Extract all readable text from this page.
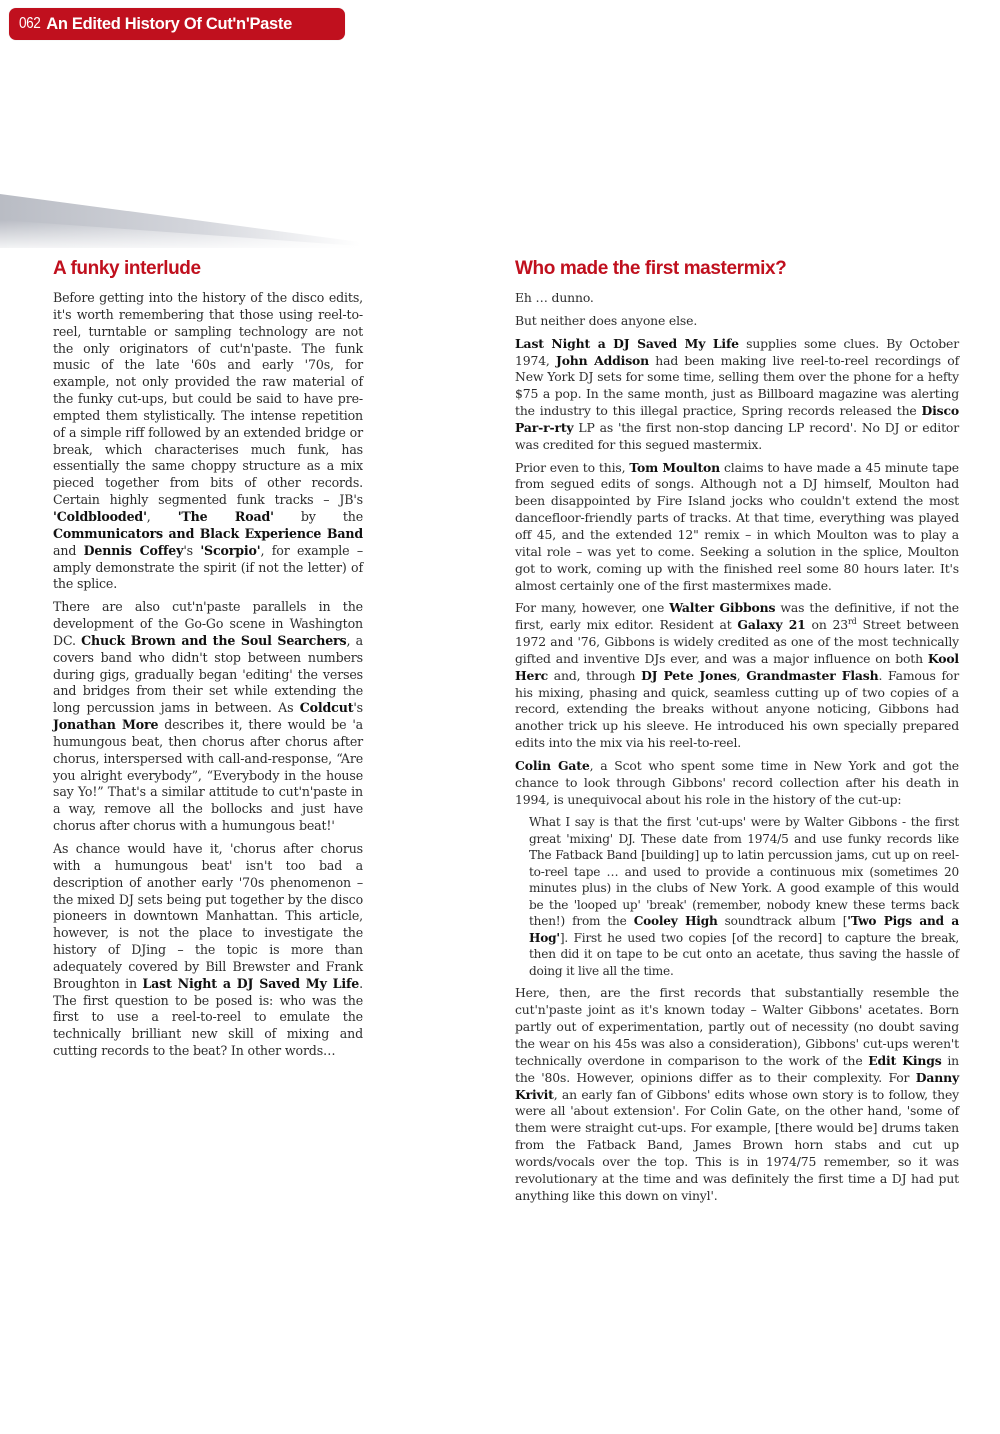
062 An Edited History Of Cut'n'Paste
A funky interlude

Before getting into the history of the disco edits, it's worth remembering that those using reel-to-reel, turntable or sampling technology are not the only originators of cut'n'paste. The funk music of the late '60s and early '70s, for example, not only provided the raw material of the funky cut-ups, but could be said to have pre-empted them stylistically. The intense repetition of a simple riff followed by an extended bridge or break, which characterises much funk, has essentially the same choppy structure as a mix pieced together from bits of other records. Certain highly segmented funk tracks – JB's 'Coldblooded', 'The Road' by the Communicators and Black Experience Band and Dennis Coffey's 'Scorpio', for example – amply demonstrate the spirit (if not the letter) of the splice.

There are also cut'n'paste parallels in the development of the Go-Go scene in Washington DC. Chuck Brown and the Soul Searchers, a covers band who didn't stop between numbers during gigs, gradually began 'editing' the verses and bridges from their set while extending the long percussion jams in between. As Coldcut's Jonathan More describes it, there would be 'a humungous beat, then chorus after chorus after chorus, interspersed with call-and-response, “Are you alright everybody”, “Everybody in the house say Yo!” That's a similar attitude to cut'n'paste in a way, remove all the bollocks and just have chorus after chorus with a humungous beat!'

As chance would have it, 'chorus after chorus with a humungous beat' isn't too bad a description of another early '70s phenomenon – the mixed DJ sets being put together by the disco pioneers in downtown Manhattan. This article, however, is not the place to investigate the history of DJing – the topic is more than adequately covered by Bill Brewster and Frank Broughton in Last Night a DJ Saved My Life. The first question to be posed is: who was the first to use a reel-to-reel to emulate the technically brilliant new skill of mixing and cutting records to the beat? In other words…

Who made the first mastermix?

Eh … dunno.

But neither does anyone else.

Last Night a DJ Saved My Life supplies some clues. By October 1974, John Addison had been making live reel-to-reel recordings of New York DJ sets for some time, selling them over the phone for a hefty $75 a pop. In the same month, just as Billboard magazine was alerting the industry to this illegal practice, Spring records released the Disco Par-r-rty LP as 'the first non-stop dancing LP record'. No DJ or editor was credited for this segued mastermix.

Prior even to this, Tom Moulton claims to have made a 45 minute tape from segued edits of songs. Although not a DJ himself, Moulton had been disappointed by Fire Island jocks who couldn't extend the most dancefloor-friendly parts of tracks. At that time, everything was played off 45, and the extended 12" remix – in which Moulton was to play a vital role – was yet to come. Seeking a solution in the splice, Moulton got to work, coming up with the finished reel some 80 hours later. It's almost certainly one of the first mastermixes made.

For many, however, one Walter Gibbons was the definitive, if not the first, early mix editor. Resident at Galaxy 21 on 23rd Street between 1972 and '76, Gibbons is widely credited as one of the most technically gifted and inventive DJs ever, and was a major influence on both Kool Herc and, through DJ Pete Jones, Grandmaster Flash. Famous for his mixing, phasing and quick, seamless cutting up of two copies of a record, extending the breaks without anyone noticing, Gibbons had another trick up his sleeve. He introduced his own specially prepared edits into the mix via his reel-to-reel.

Colin Gate, a Scot who spent some time in New York and got the chance to look through Gibbons' record collection after his death in 1994, is unequivocal about his role in the history of the cut-up:

What I say is that the first 'cut-ups' were by Walter Gibbons - the first great 'mixing' DJ. These date from 1974/5 and use funky records like The Fatback Band [building] up to latin percussion jams, cut up on reel-to-reel tape … and used to provide a continuous mix (sometimes 20 minutes plus) in the clubs of New York. A good example of this would be the 'looped up' 'break' (remember, nobody knew these terms back then!) from the Cooley High soundtrack album ['Two Pigs and a Hog']. First he used two copies [of the record] to capture the break, then did it on tape to be cut onto an acetate, thus saving the hassle of doing it live all the time.

Here, then, are the first records that substantially resemble the cut'n'paste joint as it's known today – Walter Gibbons' acetates. Born partly out of experimentation, partly out of necessity (no doubt saving the wear on his 45s was also a consideration), Gibbons' cut-ups weren't technically overdone in comparison to the work of the Edit Kings in the '80s. However, opinions differ as to their complexity. For Danny Krivit, an early fan of Gibbons' edits whose own story is to follow, they were all 'about extension'. For Colin Gate, on the other hand, 'some of them were straight cut-ups. For example, [there would be] drums taken from the Fatback Band, James Brown horn stabs and cut up words/vocals over the top. This is in 1974/75 remember, so it was revolutionary at the time and was definitely the first time a DJ had put anything like this down on vinyl'.
